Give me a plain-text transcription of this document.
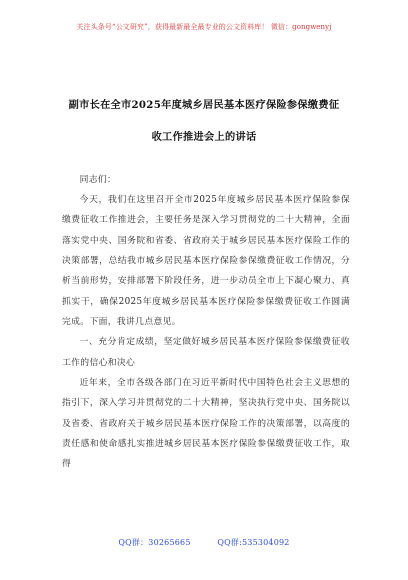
关注头条号“公文研究”，获得最新最全最专业的公文资料库！ 微信：gongwenyj
副市长在全市2025年度城乡居民基本医疗保险参保缴费征
收工作推进会上的讲话

同志们：

今天，我们在这里召开全市2025年度城乡居民基本医疗保险参保缴费征收工作推进会，主要任务是深入学习贯彻党的二十大精神，全面落实党中央、国务院和省委、省政府关于城乡居民基本医疗保险工作的决策部署，总结我市城乡居民基本医疗保险参保缴费征收工作情况，分析当前形势，安排部署下阶段任务，进一步动员全市上下凝心聚力、真抓实干，确保2025年度城乡居民基本医疗保险参保缴费征收工作圆满完成。下面，我讲几点意见。

一、充分肯定成绩，坚定做好城乡居民基本医疗保险参保缴费征收工作的信心和决心

近年来，全市各级各部门在习近平新时代中国特色社会主义思想的指引下，深入学习并贯彻党的二十大精神，坚决执行党中央、国务院以及省委、省政府关于城乡居民基本医疗保险工作的决策部署，以高度的责任感和使命感扎实推进城乡居民基本医疗保险参保缴费征收工作，取得

QQ群：30265665	QQ群:535304092
